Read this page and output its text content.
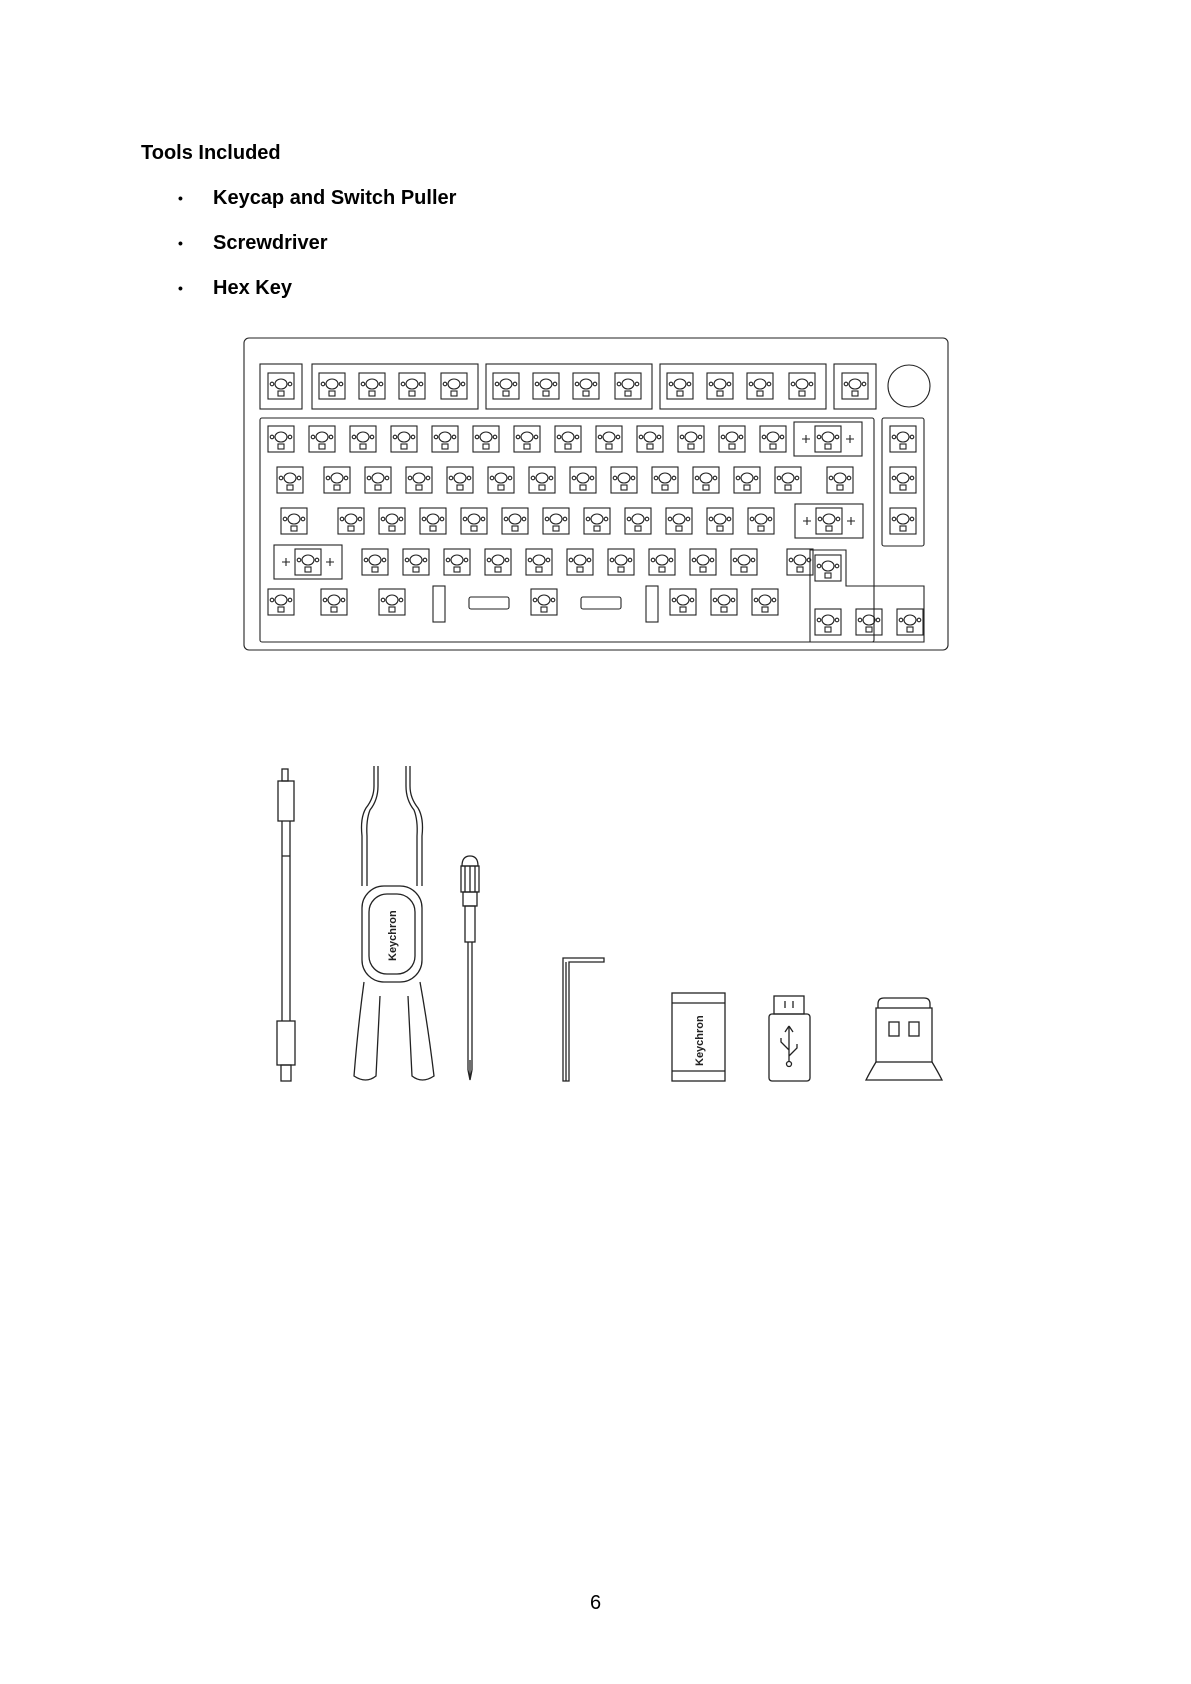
Tools Included
•	Keycap and Switch Puller
•	Screwdriver
•	Hex Key
Keychron
Keychron

6
